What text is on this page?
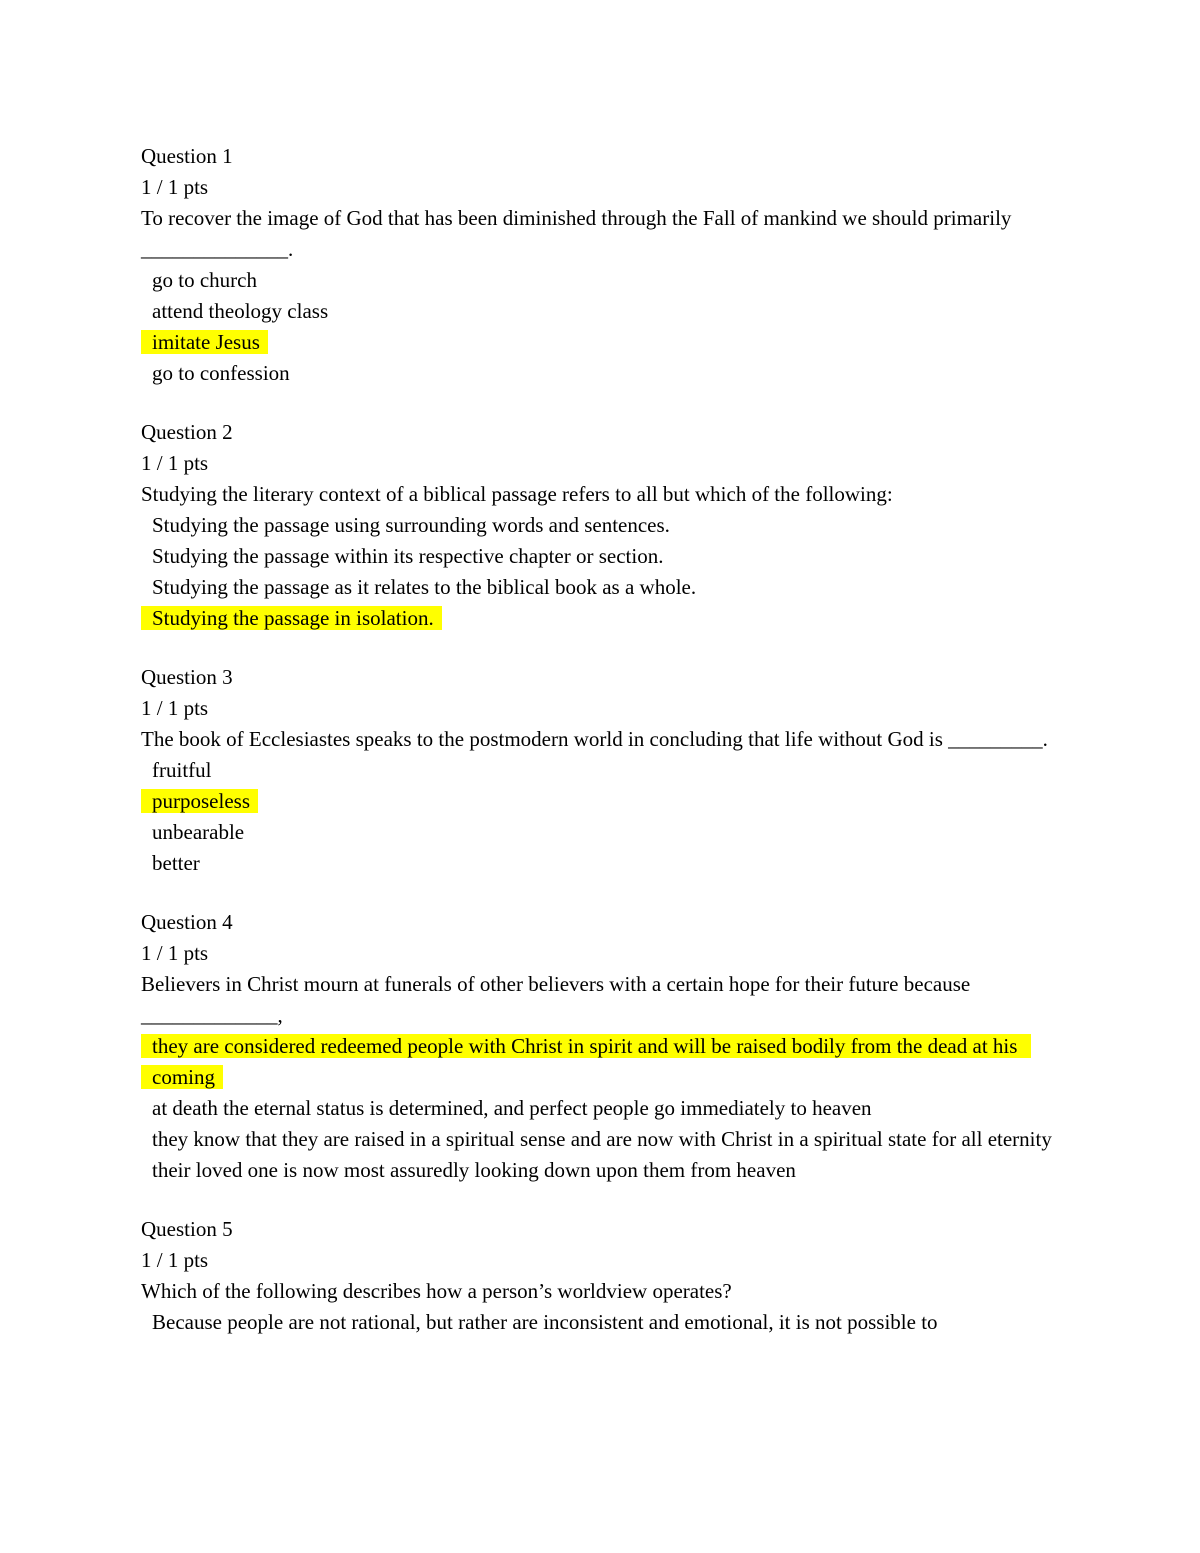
Question 1
1 / 1 pts
To recover the image of God that has been diminished through the Fall of mankind we should primarily ______________.
go to church
attend theology class
imitate Jesus
go to confession
Question 2
1 / 1 pts
Studying the literary context of a biblical passage refers to all but which of the following:
Studying the passage using surrounding words and sentences.
Studying the passage within its respective chapter or section.
Studying the passage as it relates to the biblical book as a whole.
Studying the passage in isolation.
Question 3
1 / 1 pts
The book of Ecclesiastes speaks to the postmodern world in concluding that life without God is _________.
fruitful
purposeless
unbearable
better
Question 4
1 / 1 pts
Believers in Christ mourn at funerals of other believers with a certain hope for their future because _____________,
they are considered redeemed people with Christ in spirit and will be raised bodily from the dead at his coming
at death the eternal status is determined, and perfect people go immediately to heaven
they know that they are raised in a spiritual sense and are now with Christ in a spiritual state for all eternity
their loved one is now most assuredly looking down upon them from heaven
Question 5
1 / 1 pts
Which of the following describes how a person’s worldview operates?
Because people are not rational, but rather are inconsistent and emotional, it is not possible to
